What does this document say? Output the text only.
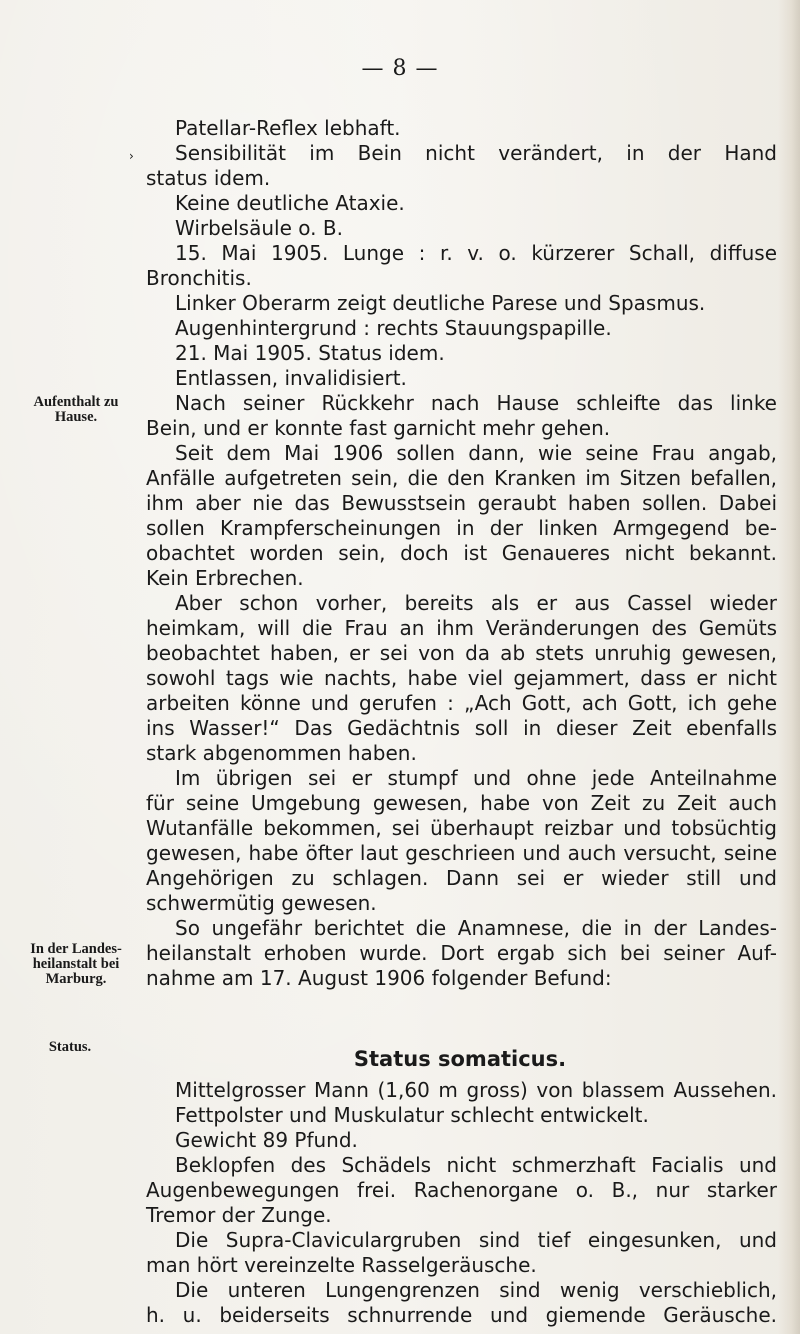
— 8 —
›
Aufenthalt zu Hause.
In der Landes-heilanstalt bei Marburg.
Status.
Patellar-Reflex lebhaft.
Sensibilität im Bein nicht verändert, in der Hand
status idem.
Keine deutliche Ataxie.
Wirbelsäule o. B.
15. Mai 1905. Lunge : r. v. o. kürzerer Schall, diffuse
Bronchitis.
Linker Oberarm zeigt deutliche Parese und Spasmus.
Augenhintergrund : rechts Stauungspapille.
21. Mai 1905. Status idem.
Entlassen, invalidisiert.
Nach seiner Rückkehr nach Hause schleifte das linke
Bein, und er konnte fast garnicht mehr gehen.
Seit dem Mai 1906 sollen dann, wie seine Frau angab,
Anfälle aufgetreten sein, die den Kranken im Sitzen befallen,
ihm aber nie das Bewusstsein geraubt haben sollen. Dabei
sollen Krampferscheinungen in der linken Armgegend be-
obachtet worden sein, doch ist Genaueres nicht bekannt.
Kein Erbrechen.
Aber schon vorher, bereits als er aus Cassel wieder
heimkam, will die Frau an ihm Veränderungen des Gemüts
beobachtet haben, er sei von da ab stets unruhig gewesen,
sowohl tags wie nachts, habe viel gejammert, dass er nicht
arbeiten könne und gerufen : „Ach Gott, ach Gott, ich gehe
ins Wasser!“ Das Gedächtnis soll in dieser Zeit ebenfalls
stark abgenommen haben.
Im übrigen sei er stumpf und ohne jede Anteilnahme
für seine Umgebung gewesen, habe von Zeit zu Zeit auch
Wutanfälle bekommen, sei überhaupt reizbar und tobsüchtig
gewesen, habe öfter laut geschrieen und auch versucht, seine
Angehörigen zu schlagen. Dann sei er wieder still und
schwermütig gewesen.
So ungefähr berichtet die Anamnese, die in der Landes-
heilanstalt erhoben wurde. Dort ergab sich bei seiner Auf-
nahme am 17. August 1906 folgender Befund:
Status somaticus.
Mittelgrosser Mann (1,60 m gross) von blassem Aussehen.
Fettpolster und Muskulatur schlecht entwickelt.
Gewicht 89 Pfund.
Beklopfen des Schädels nicht schmerzhaft Facialis und
Augenbewegungen frei. Rachenorgane o. B., nur starker
Tremor der Zunge.
Die Supra-Claviculargruben sind tief eingesunken, und
man hört vereinzelte Rasselgeräusche.
Die unteren Lungengrenzen sind wenig verschieblich,
h. u. beiderseits schnurrende und giemende Geräusche.
